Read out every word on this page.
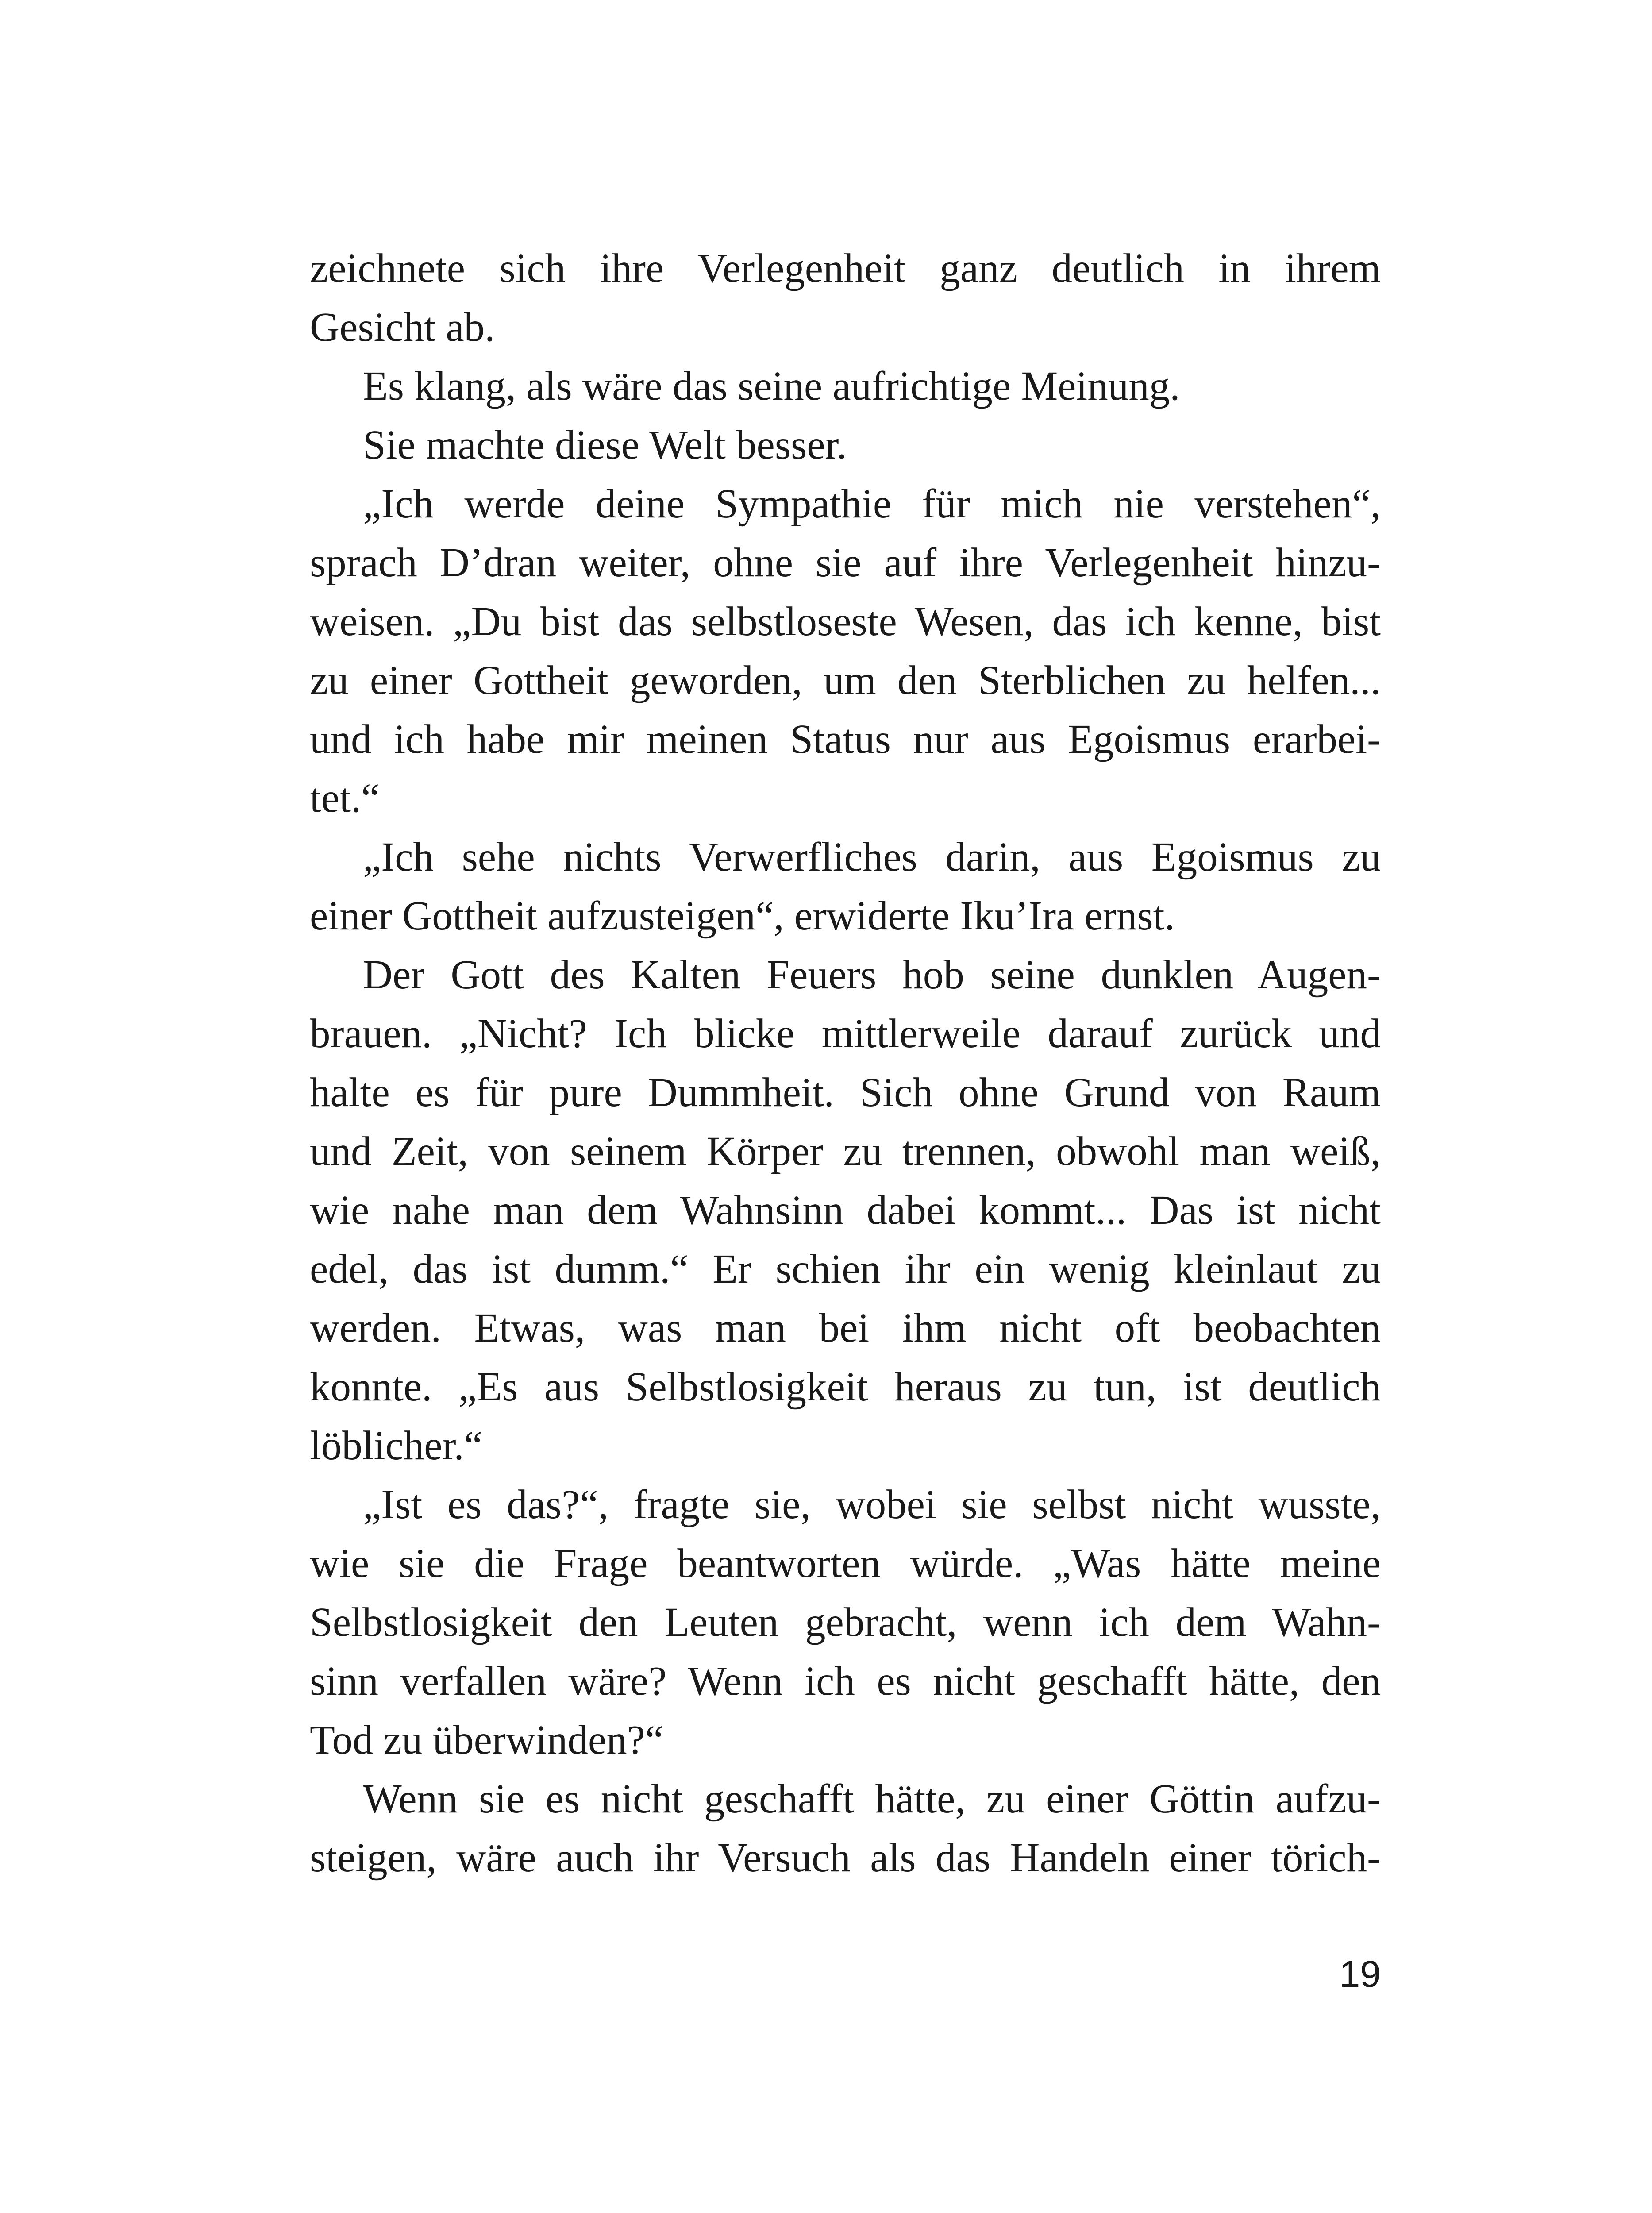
zeichnete sich ihre Verlegenheit ganz deutlich in ihrem
Gesicht ab.
Es klang, als wäre das seine aufrichtige Meinung.
Sie machte diese Welt besser.
„Ich werde deine Sympathie für mich nie verstehen“,
sprach D’dran weiter, ohne sie auf ihre Verlegenheit hinzu-
weisen. „Du bist das selbstloseste Wesen, das ich kenne, bist
zu einer Gottheit geworden, um den Sterblichen zu helfen...
und ich habe mir meinen Status nur aus Egoismus erarbei-
tet.“
„Ich sehe nichts Verwerfliches darin, aus Egoismus zu
einer Gottheit aufzusteigen“, erwiderte Iku’Ira ernst.
Der Gott des Kalten Feuers hob seine dunklen Augen-
brauen. „Nicht? Ich blicke mittlerweile darauf zurück und
halte es für pure Dummheit. Sich ohne Grund von Raum
und Zeit, von seinem Körper zu trennen, obwohl man weiß,
wie nahe man dem Wahnsinn dabei kommt... Das ist nicht
edel, das ist dumm.“ Er schien ihr ein wenig kleinlaut zu
werden. Etwas, was man bei ihm nicht oft beobachten
konnte. „Es aus Selbstlosigkeit heraus zu tun, ist deutlich
löblicher.“
„Ist es das?“, fragte sie, wobei sie selbst nicht wusste,
wie sie die Frage beantworten würde. „Was hätte meine
Selbstlosigkeit den Leuten gebracht, wenn ich dem Wahn-
sinn verfallen wäre? Wenn ich es nicht geschafft hätte, den
Tod zu überwinden?“
Wenn sie es nicht geschafft hätte, zu einer Göttin aufzu-
steigen, wäre auch ihr Versuch als das Handeln einer törich-
19
